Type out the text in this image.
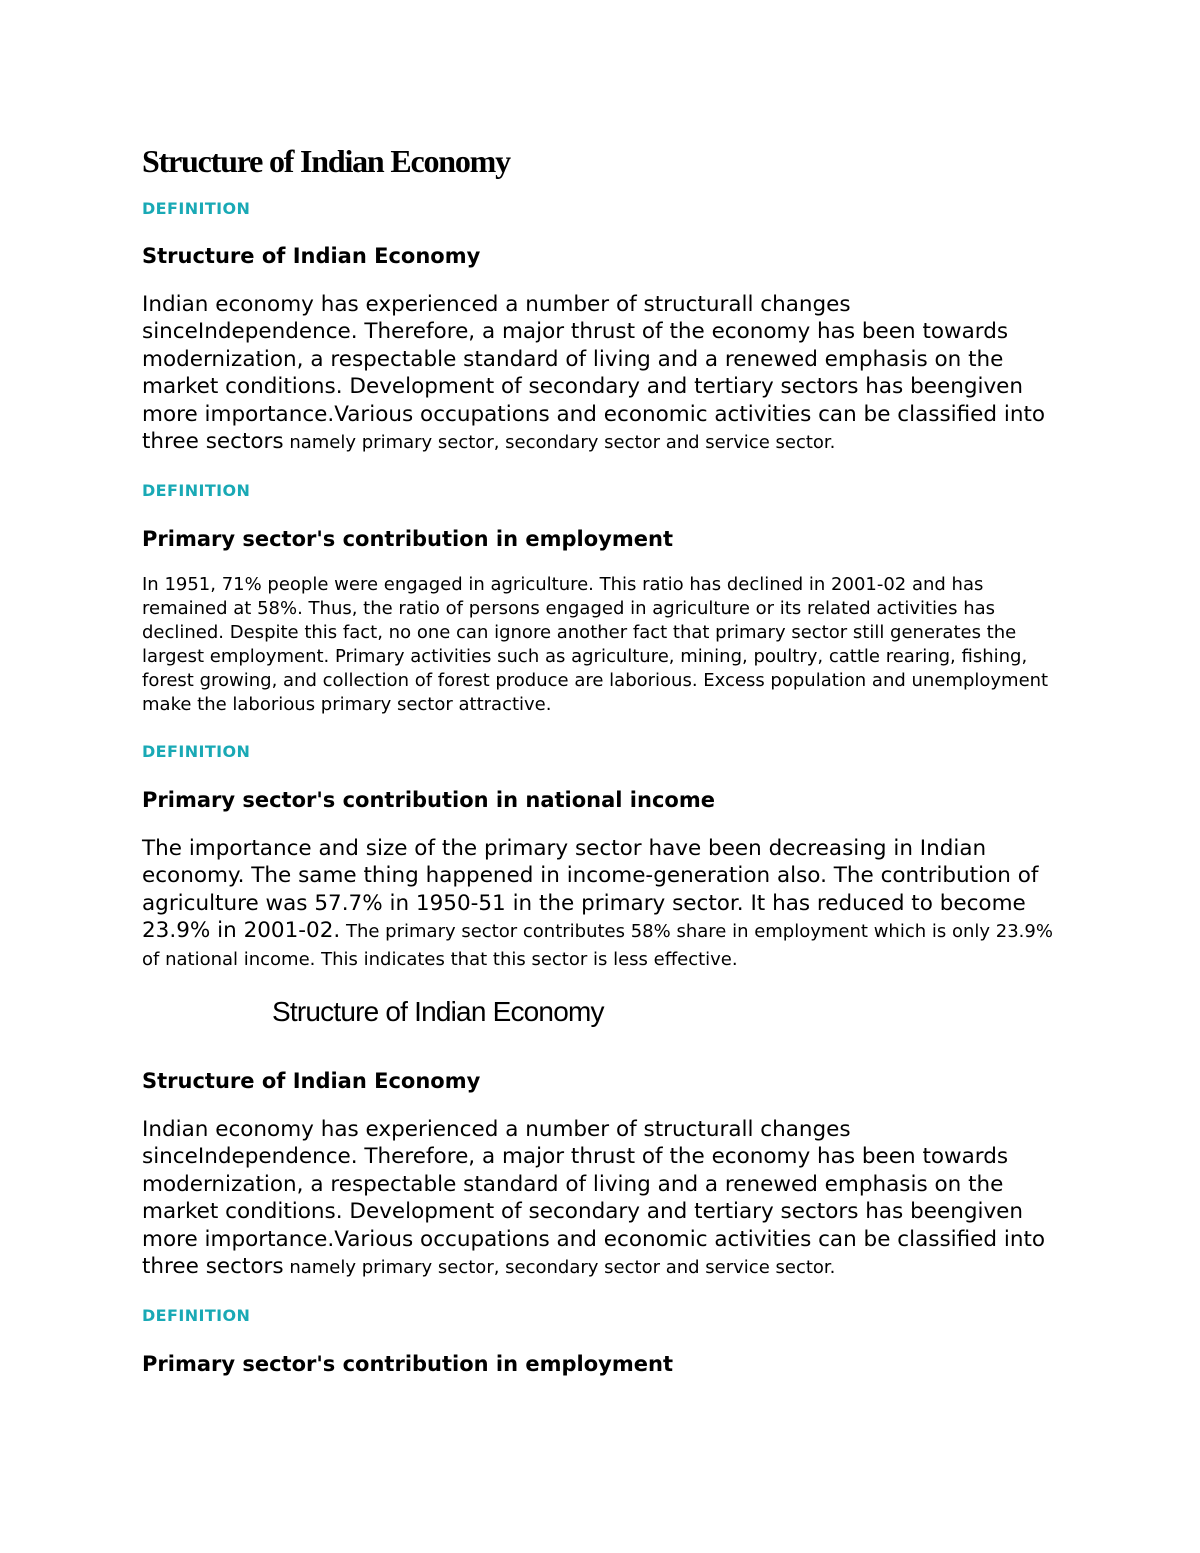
Structure of Indian Economy
DEFINITION
Structure of Indian Economy

Indian economy has experienced a number of structurall changes sinceIndependence. Therefore, a major thrust of the economy has been towards modernization, a respectable standard of living and a renewed emphasis on the market conditions. Development of secondary and tertiary sectors has beengiven more importance.Various occupations and economic activities can be classified into three sectors namely primary sector, secondary sector and service sector.

DEFINITION
Primary sector's contribution in employment

In 1951, 71% people were engaged in agriculture. This ratio has declined in 2001-02 and has remained at 58%. Thus, the ratio of persons engaged in agriculture or its related activities has declined. Despite this fact, no one can ignore another fact that primary sector still generates the largest employment. Primary activities such as agriculture, mining, poultry, cattle rearing, fishing, forest growing, and collection of forest produce are laborious. Excess population and unemployment make the laborious primary sector attractive.

DEFINITION
Primary sector's contribution in national income

The importance and size of the primary sector have been decreasing in Indian economy. The same thing happened in income-generation also. The contribution of agriculture was 57.7% in 1950-51 in the primary sector. It has reduced to become 23.9% in 2001-02. The primary sector contributes 58% share in employment which is only 23.9% of national income. This indicates that this sector is less effective.

Structure of Indian Economy
Structure of Indian Economy

Indian economy has experienced a number of structurall changes sinceIndependence. Therefore, a major thrust of the economy has been towards modernization, a respectable standard of living and a renewed emphasis on the market conditions. Development of secondary and tertiary sectors has beengiven more importance.Various occupations and economic activities can be classified into three sectors namely primary sector, secondary sector and service sector.

DEFINITION
Primary sector's contribution in employment
